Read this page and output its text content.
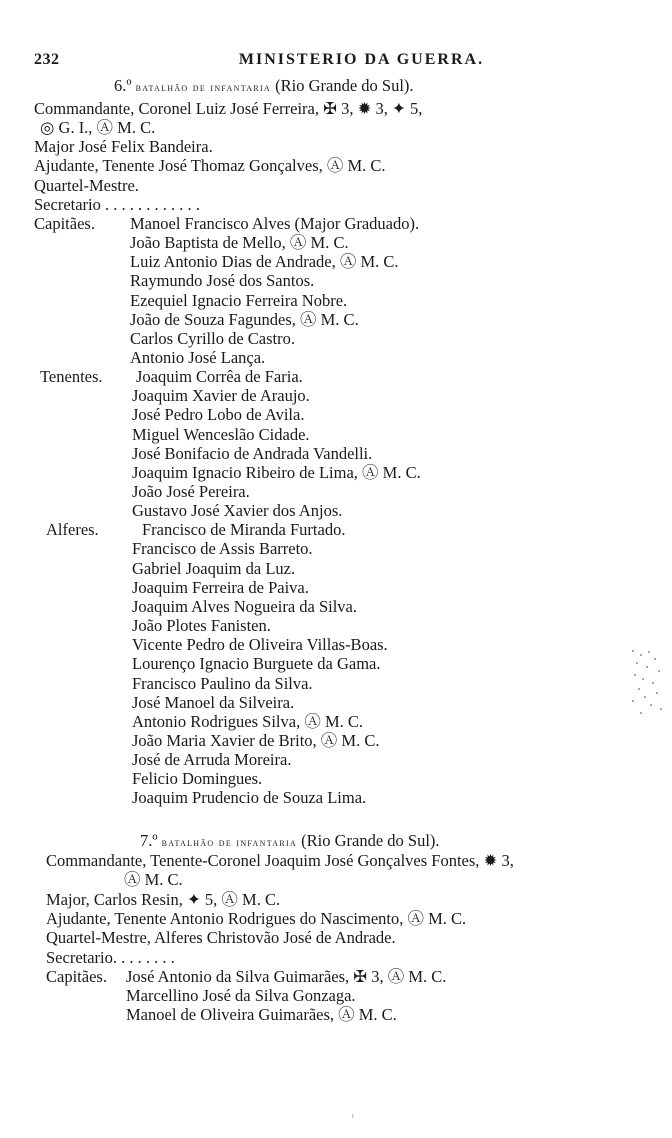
232	MINISTERIO DA GUERRA.
6.º batalhão de infantaria (Rio Grande do Sul).
Commandante, Coronel Luiz José Ferreira, ✠ 3, ✹ 3, ✦ 5,
◎ G. I., Ⓐ M. C.
Major José Felix Bandeira.
Ajudante, Tenente José Thomaz Gonçalves, Ⓐ M. C.
Quartel-Mestre.
Secretario . . . . . . . . . . . .
Capitães. Manoel Francisco Alves (Major Graduado).
João Baptista de Mello, Ⓐ M. C.
Luiz Antonio Dias de Andrade, Ⓐ M. C.
Raymundo José dos Santos.
Ezequiel Ignacio Ferreira Nobre.
João de Souza Fagundes, Ⓐ M. C.
Carlos Cyrillo de Castro.
Antonio José Lança.
Tenentes. Joaquim Corrêa de Faria.
Joaquim Xavier de Araujo.
José Pedro Lobo de Avila.
Miguel Wenceslão Cidade.
José Bonifacio de Andrada Vandelli.
Joaquim Ignacio Ribeiro de Lima, Ⓐ M. C.
João José Pereira.
Gustavo José Xavier dos Anjos.
Alferes.	Francisco de Miranda Furtado.
Francisco de Assis Barreto.
Gabriel Joaquim da Luz.
Joaquim Ferreira de Paiva.
Joaquim Alves Nogueira da Silva.
João Plotes Fanisten.
Vicente Pedro de Oliveira Villas-Boas.
Lourenço Ignacio Burguete da Gama.
Francisco Paulino da Silva.
José Manoel da Silveira.
Antonio Rodrigues Silva, Ⓐ M. C.
João Maria Xavier de Brito, Ⓐ M. C.
José de Arruda Moreira.
Felicio Domingues.
Joaquim Prudencio de Souza Lima.
7.º batalhão de infantaria (Rio Grande do Sul).
Commandante, Tenente-Coronel Joaquim José Gonçalves Fontes, ✹ 3,
Ⓐ M. C.
Major, Carlos Resin, ✦ 5, Ⓐ M. C.
Ajudante, Tenente Antonio Rodrigues do Nascimento, Ⓐ M. C.
Quartel-Mestre, Alferes Christovão José de Andrade.
Secretario. . . . . . . .
Capitães. José Antonio da Silva Guimarães, ✠ 3, Ⓐ M. C.
Marcellino José da Silva Gonzaga.
Manoel de Oliveira Guimarães, Ⓐ M. C.
ʳ
